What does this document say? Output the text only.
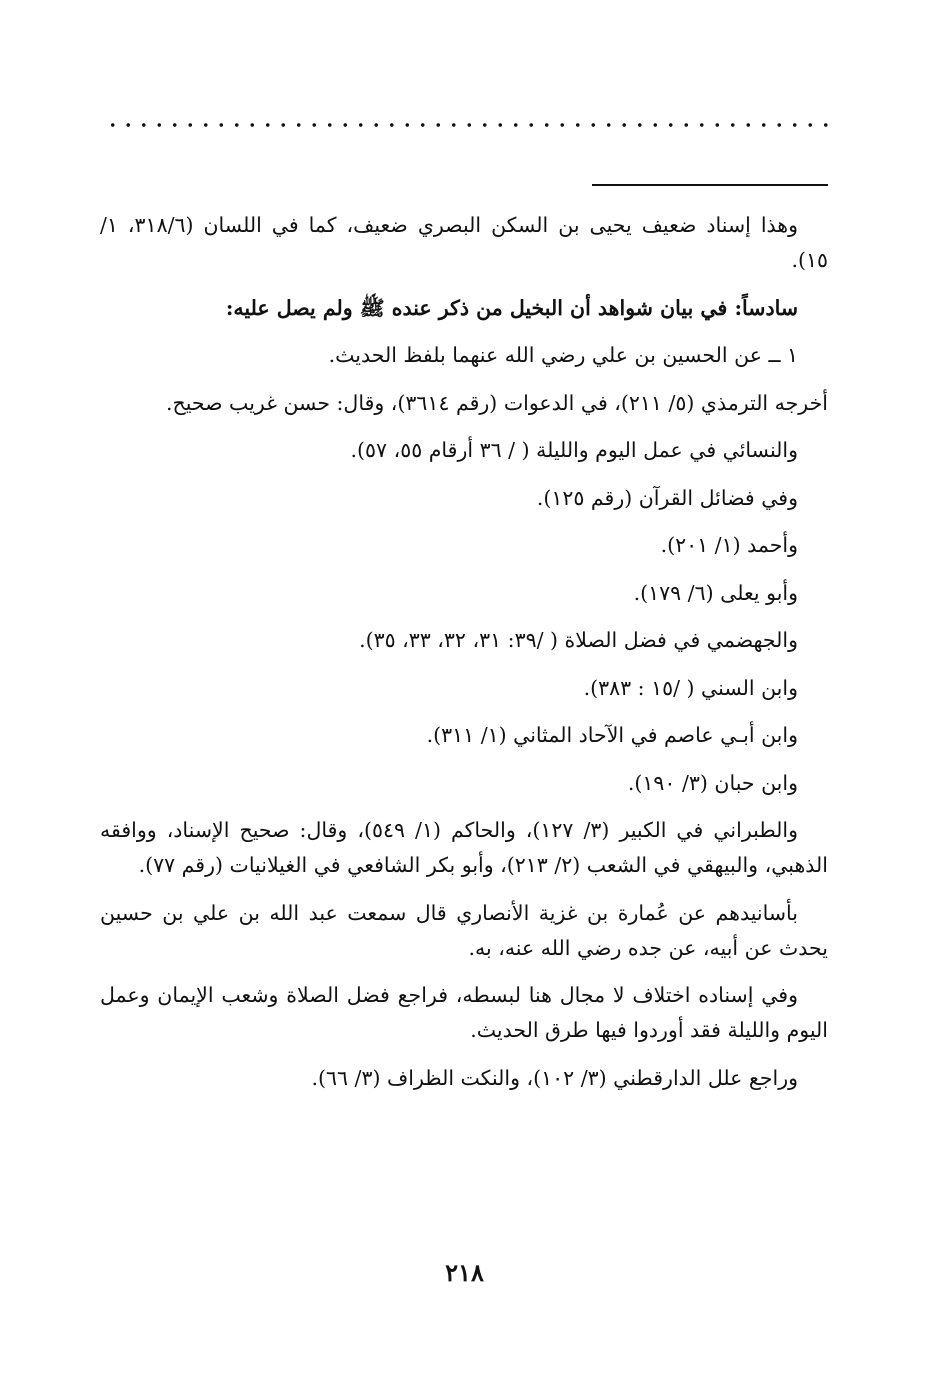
وهذا إسناد ضعيف يحيى بن السكن البصري ضعيف، كما في اللسان (٣١٨/٦، ١/ ١٥).

سادساً: في بيان شواهد أن البخيل من ذكر عنده ﷺ ولم يصل عليه:

١ ــ عن الحسين بن علي رضي الله عنهما بلفظ الحديث.

أخرجه الترمذي (٥/ ٢١١)، في الدعوات (رقم ٣٦١٤)، وقال: حسن غريب صحيح.

والنسائي في عمل اليوم والليلة ( / ٣٦ أرقام ٥٥، ٥٧).

وفي فضائل القرآن (رقم ١٢٥).

وأحمد (١/ ٢٠١).

وأبو يعلى (٦/ ١٧٩).

والجهضمي في فضل الصلاة ( /٣٩: ٣١، ٣٢، ٣٣، ٣٥).

وابن السني ( /١٥ : ٣٨٣).

وابن أبـي عاصم في الآحاد المثاني (١/ ٣١١).

وابن حبان (٣/ ١٩٠).

والطبراني في الكبير (٣/ ١٢٧)، والحاكم (١/ ٥٤٩)، وقال: صحيح الإسناد، ووافقه الذهبي، والبيهقي في الشعب (٢/ ٢١٣)، وأبو بكر الشافعي في الغيلانيات (رقم ٧٧).

بأسانيدهم عن عُمارة بن غزية الأنصاري قال سمعت عبد الله بن علي بن حسين يحدث عن أبيه، عن جده رضي الله عنه، به.

وفي إسناده اختلاف لا مجال هنا لبسطه، فراجع فضل الصلاة وشعب الإيمان وعمل اليوم والليلة فقد أوردوا فيها طرق الحديث.

وراجع علل الدارقطني (٣/ ١٠٢)، والنكت الظراف (٣/ ٦٦).

٢١٨
